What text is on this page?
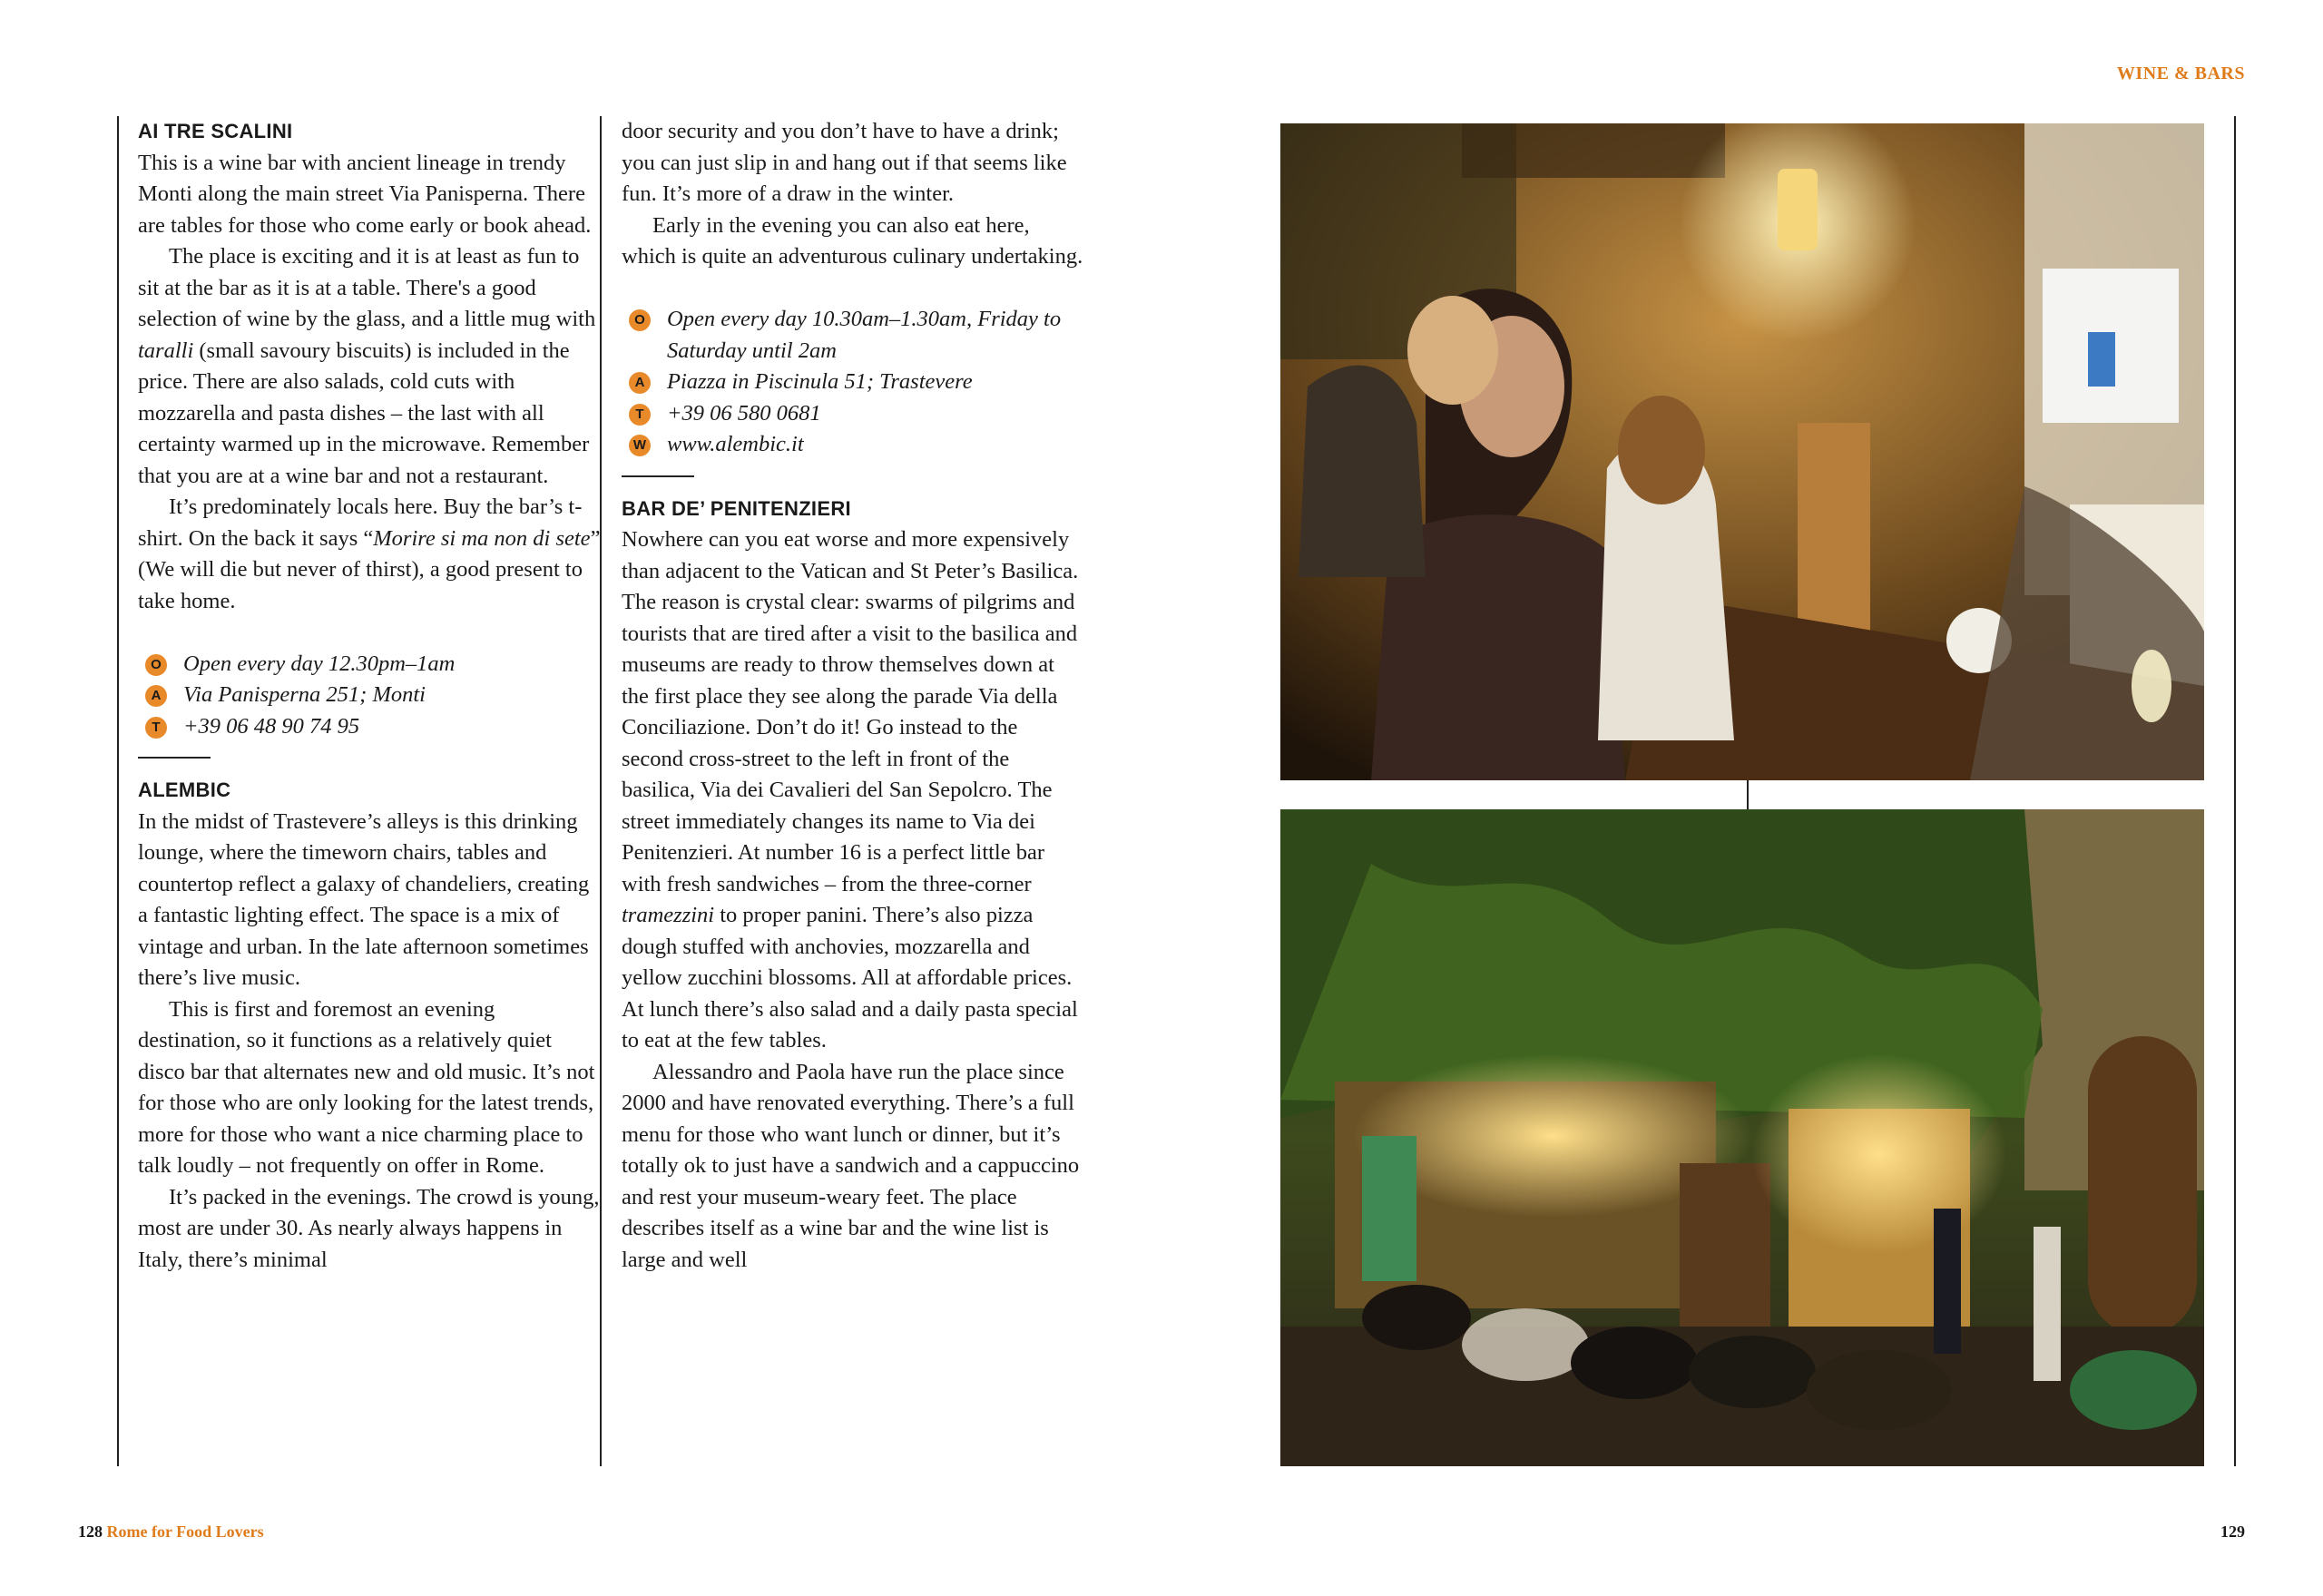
WINE & BARS
AI TRE SCALINI

This is a wine bar with ancient lineage in trendy Monti along the main street Via Panisperna. There are tables for those who come early or book ahead.

The place is exciting and it is at least as fun to sit at the bar as it is at a table. There's a good selection of wine by the glass, and a little mug with taralli (small savoury biscuits) is included in the price. There are also salads, cold cuts with mozzarella and pasta dishes – the last with all certainty warmed up in the microwave. Remember that you are at a wine bar and not a restaurant.

It’s predominately locals here. Buy the bar’s t-shirt. On the back it says “Morire si ma non di sete” (We will die but never of thirst), a good present to take home.

O Open every day 12.30pm–1am
A Via Panisperna 251; Monti
T	+39 06 48 90 74 95
ALEMBIC

In the midst of Trastevere’s alleys is this drinking lounge, where the timeworn chairs, tables and countertop reflect a galaxy of chandeliers, creating a fantastic lighting effect. The space is a mix of vintage and urban. In the late afternoon sometimes there’s live music.

This is first and foremost an evening destination, so it functions as a relatively quiet disco bar that alternates new and old music. It’s not for those who are only looking for the latest trends, more for those who want a nice charming place to talk loudly – not frequently on offer in Rome.

It’s packed in the evenings. The crowd is young, most are under 30. As nearly always happens in Italy, there’s minimal

door security and you don’t have to have a drink; you can just slip in and hang out if that seems like fun. It’s more of a draw in the winter.

Early in the evening you can also eat here, which is quite an adventurous culinary undertaking.

O Open every day 10.30am–1.30am, Friday to Saturday until 2am
A Piazza in Piscinula 51; Trastevere
T	+39 06 580 0681
W www.alembic.it
BAR DE’ PENITENZIERI

Nowhere can you eat worse and more expensively than adjacent to the Vatican and St Peter’s Basilica. The reason is crystal clear: swarms of pilgrims and tourists that are tired after a visit to the basilica and museums are ready to throw themselves down at the first place they see along the parade Via della Conciliazione. Don’t do it! Go instead to the second cross-street to the left in front of the basilica, Via dei Cavalieri del San Sepolcro. The street immediately changes its name to Via dei Penitenzieri. At number 16 is a perfect little bar with fresh sandwiches – from the three-corner tramezzini to proper panini. There’s also pizza dough stuffed with anchovies, mozzarella and yellow zucchini blossoms. All at affordable prices. At lunch there’s also salad and a daily pasta special to eat at the few tables.

Alessandro and Paola have run the place since 2000 and have renovated everything. There’s a full menu for those who want lunch or dinner, but it’s totally ok to just have a sandwich and a cappuccino and rest your museum-weary feet. The place describes itself as a wine bar and the wine list is large and well

128 Rome for Food Lovers	129
